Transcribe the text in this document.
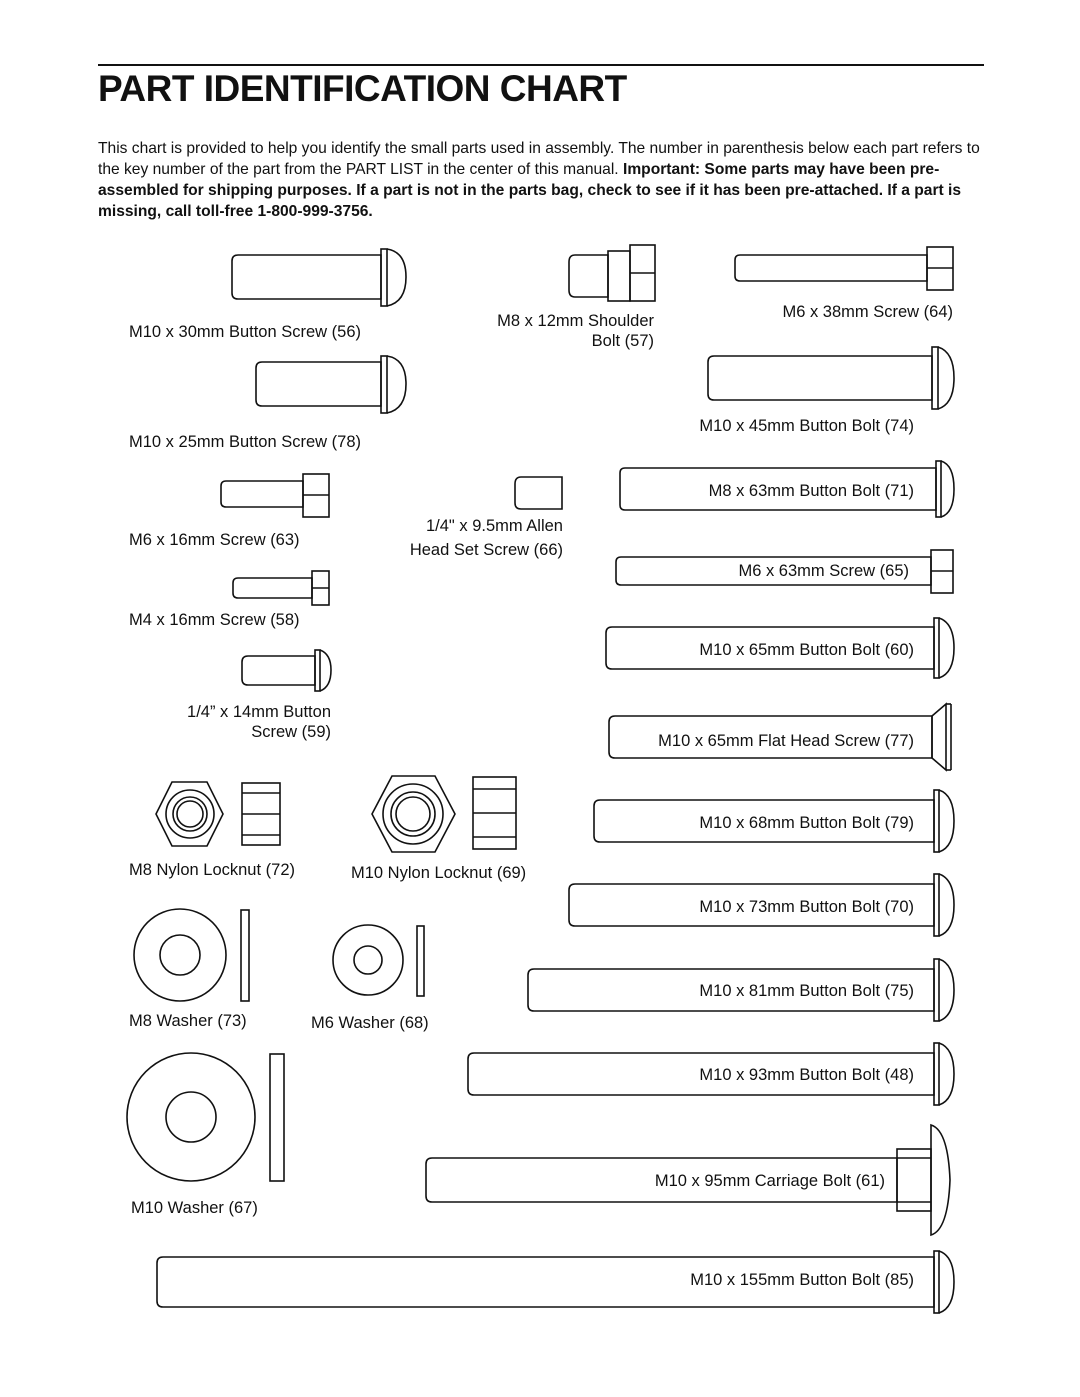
PART IDENTIFICATION CHART

This chart is provided to help you identify the small parts used in assembly. The number in parenthesis below each part refers to the key number of the part from the PART LIST in the center of this manual. Important: Some parts may have been pre-assembled for shipping purposes. If a part is not in the parts bag, check to see if it has been pre-attached. If a part is missing, call toll-free 1-800-999-3756.

M10 x 30mm Button Screw (56)
M8 x 12mm Shoulder
Bolt (57)
M6 x 38mm Screw (64)
M10 x 45mm Button Bolt (74)
M10 x 25mm Button Screw (78)
M8 x 63mm Button Bolt (71)
1/4" x 9.5mm Allen
Head Set Screw (66)
M6 x 16mm Screw (63)
M6 x 63mm Screw (65)
M4 x 16mm Screw (58)
M10 x 65mm Button Bolt (60)
1/4” x 14mm Button
Screw (59)	M10 x 65mm Flat Head Screw (77)
M10 x 68mm Button Bolt (79)
M8 Nylon Locknut (72)	M10 Nylon Locknut (69)
M10 x 73mm Button Bolt (70)
M10 x 81mm Button Bolt (75)
M8 Washer (73)	M6 Washer (68)
M10 x 93mm Button Bolt (48)
M10 x 95mm Carriage Bolt (61)
M10 Washer (67)
M10 x 155mm Button Bolt (85)
